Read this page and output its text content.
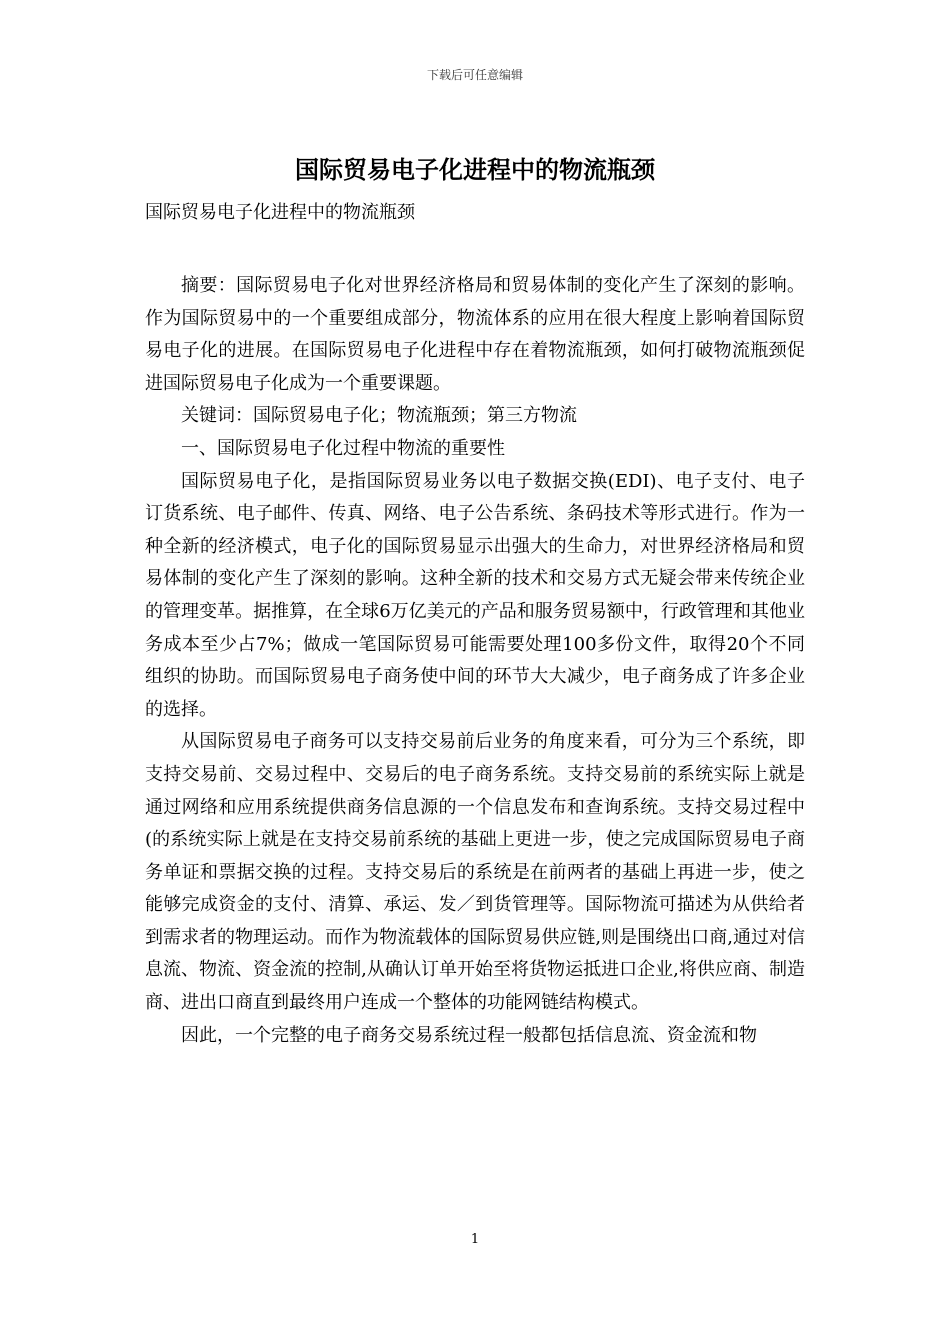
下载后可任意编辑
国际贸易电子化进程中的物流瓶颈
国际贸易电子化进程中的物流瓶颈

摘要：国际贸易电子化对世界经济格局和贸易体制的变化产生了深刻的影响。作为国际贸易中的一个重要组成部分，物流体系的应用在很大程度上影响着国际贸易电子化的进展。在国际贸易电子化进程中存在着物流瓶颈，如何打破物流瓶颈促进国际贸易电子化成为一个重要课题。

关键词：国际贸易电子化；物流瓶颈；第三方物流

一、国际贸易电子化过程中物流的重要性

国际贸易电子化，是指国际贸易业务以电子数据交换(EDI)、电子支付、电子订货系统、电子邮件、传真、网络、电子公告系统、条码技术等形式进行。作为一种全新的经济模式，电子化的国际贸易显示出强大的生命力，对世界经济格局和贸易体制的变化产生了深刻的影响。这种全新的技术和交易方式无疑会带来传统企业的管理变革。据推算，在全球6万亿美元的产品和服务贸易额中，行政管理和其他业务成本至少占7%；做成一笔国际贸易可能需要处理100多份文件，取得20个不同组织的协助。而国际贸易电子商务使中间的环节大大减少，电子商务成了许多企业的选择。

从国际贸易电子商务可以支持交易前后业务的角度来看，可分为三个系统，即支持交易前、交易过程中、交易后的电子商务系统。支持交易前的系统实际上就是通过网络和应用系统提供商务信息源的一个信息发布和查询系统。支持交易过程中(的系统实际上就是在支持交易前系统的基础上更进一步，使之完成国际贸易电子商务单证和票据交换的过程。支持交易后的系统是在前两者的基础上再进一步，使之能够完成资金的支付、清算、承运、发／到货管理等。国际物流可描述为从供给者到需求者的物理运动。而作为物流载体的国际贸易供应链,则是围绕出口商,通过对信息流、物流、资金流的控制,从确认订单开始至将货物运抵进口企业,将供应商、制造商、进出口商直到最终用户连成一个整体的功能网链结构模式。

因此，一个完整的电子商务交易系统过程一般都包括信息流、资金流和物

1
